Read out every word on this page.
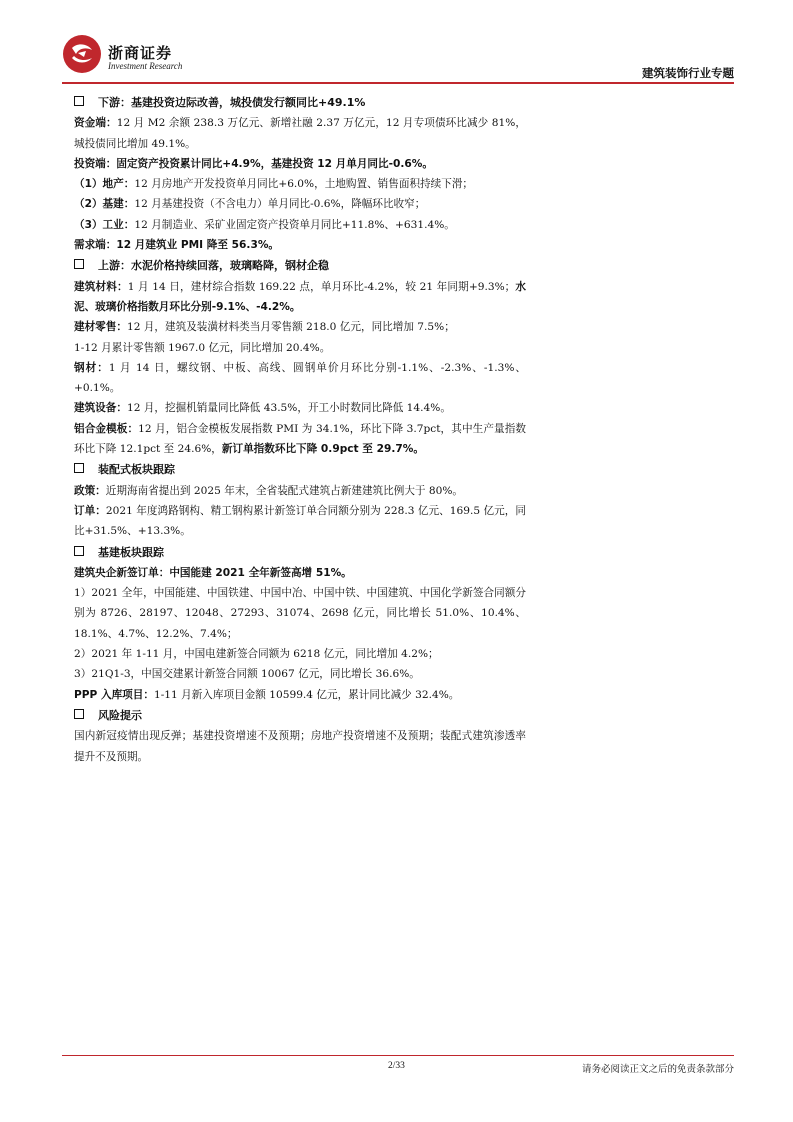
浙商证券
Investment Research	建筑装饰行业专题
下游：基建投资边际改善，城投债发行额同比+49.1%

资金端：12 月 M2 余额 238.3 万亿元、新增社融 2.37 万亿元，12 月专项债环比减少 81%，城投债同比增加 49.1%。

投资端：固定资产投资累计同比+4.9%，基建投资 12 月单月同比-0.6%。

（1）地产：12 月房地产开发投资单月同比+6.0%，土地购置、销售面积持续下滑；

（2）基建：12 月基建投资（不含电力）单月同比-0.6%，降幅环比收窄；

（3）工业：12 月制造业、采矿业固定资产投资单月同比+11.8%、+631.4%。

需求端：12 月建筑业 PMI 降至 56.3%。

上游：水泥价格持续回落，玻璃略降，钢材企稳

建筑材料：1 月 14 日，建材综合指数 169.22 点，单月环比-4.2%，较 21 年同期+9.3%；水泥、玻璃价格指数月环比分别-9.1%、-4.2%。

建材零售：12 月，建筑及装潢材料类当月零售额 218.0 亿元，同比增加 7.5%；
1-12 月累计零售额 1967.0 亿元，同比增加 20.4%。

钢材：1 月 14 日，螺纹钢、中板、高线、圆钢单价月环比分别-1.1%、-2.3%、-1.3%、+0.1%。

建筑设备：12 月，挖掘机销量同比降低 43.5%，开工小时数同比降低 14.4%。

铝合金模板：12 月，铝合金模板发展指数 PMI 为 34.1%，环比下降 3.7pct，其中生产量指数环比下降 12.1pct 至 24.6%，新订单指数环比下降 0.9pct 至 29.7%。

装配式板块跟踪

政策：近期海南省提出到 2025 年末，全省装配式建筑占新建建筑比例大于 80%。

订单：2021 年度鸿路钢构、精工钢构累计新签订单合同额分别为 228.3 亿元、169.5 亿元，同比+31.5%、+13.3%。

基建板块跟踪

建筑央企新签订单：中国能建 2021 全年新签高增 51%。

1）2021 全年，中国能建、中国铁建、中国中冶、中国中铁、中国建筑、中国化学新签合同额分别为 8726、28197、12048、27293、31074、2698 亿元，同比增长 51.0%、10.4%、18.1%、4.7%、12.2%、7.4%；

2）2021 年 1-11 月，中国电建新签合同额为 6218 亿元，同比增加 4.2%；

3）21Q1-3，中国交建累计新签合同额 10067 亿元，同比增长 36.6%。

PPP 入库项目：1-11 月新入库项目金额 10599.4 亿元，累计同比减少 32.4%。

风险提示

国内新冠疫情出现反弹；基建投资增速不及预期；房地产投资增速不及预期；装配式建筑渗透率提升不及预期。

2/33	请务必阅读正文之后的免责条款部分
